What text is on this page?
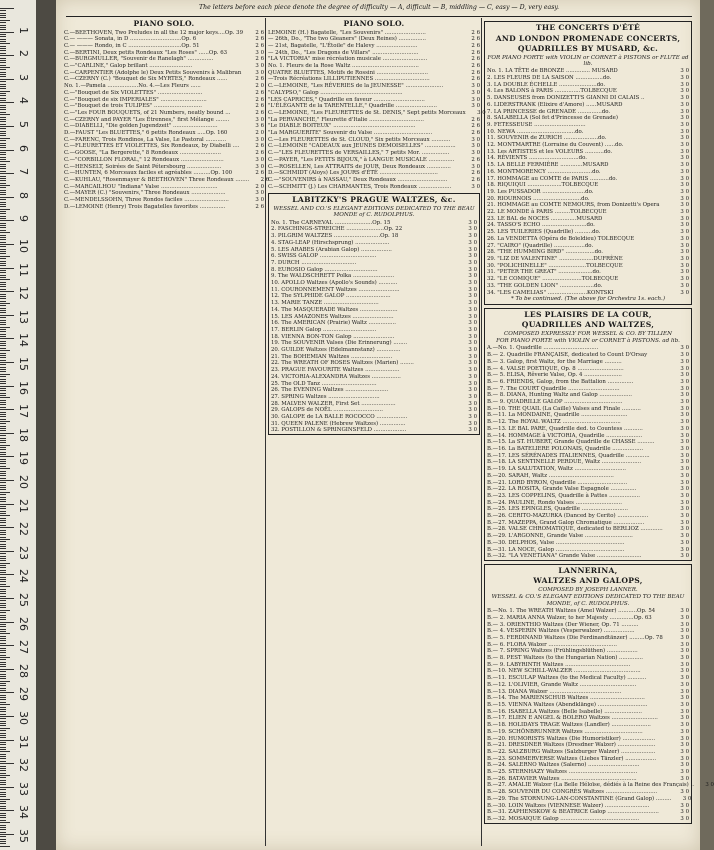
1
2
3
4
5
6
7
8
9
10
11
12
13
14
15
16
17
18
19
20
21
22
23
24
25
26
27
28
29
30
31
32
33
34
35
The letters before each piece denote the degree of difficulty — A, difficult — B, middling — C, easy — D, very easy.
PIANO SOLO.
C.—BEETHOVEN, Two Preludes in all the 12 major keys....Op. 39	2 6
C.— ——— Sonata, in D ..............................Op. 6	2 6
C.— ——— Rondo, in C ...............................Op. 51	2 6
C.—BERTINI, Deux petits Rondeaux "Les Roses" ......Op. 63	3 0
C.—BURGMULLER, "Souvenir de Ranelagh" ...............	2 6
C.—"CARLINE," Galop brillant .........................	3 0
C.—CARPENTIER (Adolphe le) Deux Petits Souvenirs à Malibran	3 0
C.—CZERNY (C.) "Bouquet de Six MYRTES," Rondeaux ......	2 6
No. 1.—Pamela ..................No. 4.—Les Fleurs ......	2 0
C.—"Bouquet de Six VIOLETTES" ..........................	2 6
C.—"Bouquet de six IMPERIALES" ...........................	2 6
C.—"Bouquet de trois TULIPES" ............................	2 6
C.—"Les FOUR BOUQUETS, of 21 Numbers, neatly bound ...	2 6
C.—CZERNY and PAYER "Les Étrennes," first Mélange ........	3 0
C.—DIABELLI, "Die golden Jugendzeit" ..........................	3 6
D.—FAUST "Les BLUETTES," 6 petits Rondeaux .....Op. 160	2 0
C.—FARENC, Trois Rondinos, La Valse, Le Pastoral ............	3 0
C.—FLEURETTES ET VIOLETTES, Six Rondeaux, by Diabelli ....	2 6
C.—GOOSE, "La Bergerette," 8 Rondeaux ........................	2 6
C.—"CORBILLON FLORAL," 12 Rondeaux .........................	3 0
C.—HENSELT, Soirées de Saint Pétersbourg ....................	3 0
C.—HUNTEN, 6 Morceaux faciles et agréables ..........Op. 100	2 6
C.—KUHLAU, "Rosenmayer & BEETHOVEN" Three Rondeaux ........	2 6
C.—MARCAILHOU "Indiana" Valse .................................	2 0
C.—MAYER (C.) "Souvenirs," Three Rondeaux ....................	3 0
C.—MENDELSSOHN, Three Rondos faciles ..........................	3 0
D.—LEMOINE (Henry) Trois Bagatelles favorites ...............	2 6
PIANO SOLO.
LEMOINE (H.) Bagatelle, "Les Souvenirs" ........................	2 6
— 26th, Do., "The two Gleaners" (Deux Reines) ................	2 6
— 21st, Bagatelle, "L'Étoile" de Halevy ........................	2 6
— 24th, Do., "Les Dragons de Villars" ...........................	2 6
"LA VICTORIA" mise récréation musicale ..........................	2 6
No. 1. Fleurs de la Rose Waltz .......................................	2 6
QUATRE BLUETTES, Motifs de Rossini ..............................	2 6
—Trois Récréations LILLIPUTIENNES ................................	2 6
C.—LEMOINE, "Les RÉVERIES de la JEUNESSE" ......................	3 0
"CALYPSO," Galop ................................................	3 0
"LES CAPRICES," Quadrille en faveur ..............................	3 0
"L'ÉLÉGANTE de la TARENTELLE," Quadrille ........................	3 0
C.—LEMOINE, "Les FLEURETTES de St. DENIS," Sept petits Morceaux	3 0
"La PERVANCHE," Fleurette d'Italie ................................	2 6
"Le DIABLE BOITEUX" ................................................	2 6
"La MARGUERITE" Souvenir du Valse ..................................	2 6
C.—Les FLEURETTES de St. CLOUD," Six petits Morceaux ...........	3 0
C.—LEMOINE "CADEAUX aux JEUNES DEMOISELLES" ..................	3 0
C.—"LES FLEURETTES de VERSAILLES," 7 petits Mor. ................	3 0
C.—PAYER, "Les PETITS BIJOUX," à LANGUE MUSICALE ...............	2 6
C.—ROSELLEN, Les ATTRAITS de JOUR, Deux Rondeaux ..............	3 0
D.—SCHMIDT (Aloys) Les JOURS d'ÉTÉ ..................................	2 6
C.—"SOUVENIRS à NASSAU," Deux Rondeaux .............................	2 6
C.—SCHMITT (J.) Les CHARMANTES, Trois Rondeaux ...................	3 0
LABITZKY'S PRAGUE WALTZES, &c.
WESSEL AND CO.'S ELEGANT EDITIONS DEDICATED TO THE BEAU MONDE of C. RUDOLPHUS.
No. 1. The CARNEVAL ......................Op. 15	3 0
2. FASCHINGS-STREICHE ......................Op. 22	3 0
3. PILGRIM WALTZES ...........................Op. 18	3 0
4. STAG-LEAP (Hirschsprung) ....................	3 0
5. LES ARABES (Arabian Galop) ..................	3 0
6. SWISS GALOP .................................	3 0
7. DURCH ................................	3 0
8. EUROSIO Galop ...............................	3 0
9. The WALDSCHRETT Polka ........................	3 0
10. APOLLO Waltzes (Apollo's Sounds) ...........	3 0
11. COURONNEMENT Waltzes ........................	3 0
12. The SYLPHIDE GALOP ..........................	3 0
13. MARIE TANZE ................................	3 0
14. The MASQUERADE Waltzes ......................	3 0
15. LES AMAZONES Waltzes ........................	3 0
16. The AMERICAN (Prairie) Waltz ................	3 0
17. BERLIN Galop ...............................	3 0
18. VIENNA BON-TON Galop ........................	3 0
19. The SOUVENIR Valses (Die Erinnerung) ........	3 0
20. GUILDE Waltzes (Edelmannstanz) ..............	3 0
21. The BOHEMIAN Waltzes ........................	3 0
22. The WREATH OF ROSES Waltzes (Marien) ........	3 0
23. PRAGUE FAVOURITE Waltzes ....................	3 0
24. VICTORIA-ALEXANDRA Waltzes .................	3 0
25. The OLD Tanz ................................	3 0
26. The EVENING Waltzes .........................	3 0
27. SPRING Waltzes ..............................	3 0
28. MALVEN WALZER, First Set ....................	3 0
29. GALOPS de NOËL .............................	3 0
30. GALOPE de LA BALLE ROCOCCO ..................	3 0
31. QUEEN PALENE (Hebrew Waltzes) ...............	3 0
32. POSTILLON & SPRINGINSFELD ...................	3 0
THE CONCERTS D'ÉTÉ
AND LONDON PROMENADE CONCERTS,
QUADRILLES BY MUSARD, &c.
FOR PIANO FORTE with VIOLIN or CORNET à PISTONS or FLUTE ad lib.
No. 1. LA TÊTE de BRONZE .............. MUSARD	3 0
2. LES FLEURS DE LA SAISON ................do.	3 0
3. LA DOUBLE ÉCHELLE ......................do.	3 0
4. Les BALONS à PARIS ...............TOLBECQUE	3 0
5. DANSEUSES from DONIZETTI'S GIANNI DI CALAIS ..	3 0
6. LIDERSTRANK (Elixire d'Amore) ......MUSARD	3 0
7. LA PRINCESSE de GRENADE ..............do.	3 0
8. SALABELLA (Sol fet d'Princesse de Grenade)	3 0
9. FETESSEUSE ..............................	3 0
10. NEWA ..................................do.	3 0
11. SOUVENIR de ZURICH ....................do.	3 0
12. MONTMARTRE (Lorraine du Couvent) ......do.	3 0
13. Les ARTISTES et les VOLEURS ...........do.	3 0
14. RÉVIENTS .............................do.	3 0
15. LA BELLE FERMIÈRE .............MUSARD	3 0
16. MONTMORENCY ..........................do.	3 0
17. HOMMAGE au COMTE de PARIS ...........do.	3 0
18. RIQUIQUI ....................TOLBECQUE	3 0
19. Les PUSSADOR .........................do.	3 0
20. RIOURNOIS ............................do.	3 0
21. HOMMAGE au COMTE NEMOURS, from Donizetti's Opera	3 0
22. LE MONDE à PARIS .........TOLBECQUE	3 0
23. LE BAL de NOCES ...............MUSARD	3 0
24. TASSO'S ECHO ..........................do.	3 0
25. LES TUILERIES (Quadrille) ..........do.	3 0
26. La VENDETTA (Opéra de Boïeldieu) TOLBECQUE	3 0
27. "CAIRO" (Quadrille) ..................do.	3 0
28. "THE HUMMING BIRD" .................do.	3 0
29. "LIZ DE VALENTINE" ....................DUFRÈNE	3 0
30. "POLICHINELLE" ......................TOLBECQUE	3 0
31. "PETER THE GREAT" ....................do.	3 0
32. "LE COMIQUE" .......................TOLBECQUE	3 0
33. "THE GOLDEN LION" ....................do.	3 0
34. "LES CAMELIAS" .......................KONTSKI	3 0
* To be continued. (The above for Orchestra 1s. each.)
LES PLAISIRS DE LA COUR,
QUADRILLES AND WALTZES,
COMPOSED EXPRESSLY FOR WESSEL & CO. BY TILLIEN
FOR PIANO FORTE with VIOLIN or CORNET à PISTONS. ad lib.
A.—No. 1. Quadrille ................................	3 0
B.— 2. Quadrille FRANÇAISE, dedicated to Count D'Orsay	3 0
B.— 3. Galop, first Waltz, for the Marriage ..........	3 0
B.— 4. VALSE POETIQUE, Op. 8 ...........................	3 0
B.— 5. ELISA, Rêverie Valse, Op. 4 ......................	3 0
B.— 6. FRIENDS, Galop, from the Battalion ...............	3 0
B.— 7. The COURT Quadrille ..............................	3 0
B.— 8. DIANA, Hunting Waltz and Galop ...................	3 0
B.— 9. QUADRILLE GALOP ..................................	3 0
B.—10. THE QUAIL (La Caille) Valses and Finale ...........	3 0
B.—11. La MONDAINE, Quadrille ...........................	3 0
B.—12. The ROYAL WALTZ ..................................	3 0
B.—13. LE BAL PARE, Quadrille ded. to Countess ...........	3 0
B.—14. HOMMAGE à VICTORIA, Quadrille .....................	3 0
B.—15. La ST. HUBERT, Grande Quadrille de CHASSE ..........	3 0
B.—16. La BATELIERE POLONAIS, Quadrille ..................	3 0
B.—17. LES SÉRÉNADES ITALIENNES, Quadrille ..............	3 0
B.—18. LA SENTINELLE PERDUE, Waltz .......................	3 0
B.—19. LA SALUTATION, Waltz ..............................	3 0
B.—20. SARAH, Waltz ......................................	3 0
B.—21. LORD BYRON, Quadrille .............................	3 0
B.—22. LA ROSITA, Grande Valse Espagnole ...............	3 0
B.—23. LES COPPELINS, Quadrille à Pattes ..................	3 0
B.—24. PAULINE, Rondo Valses ...........................	3 0
B.—25. LES EPINGLES, Quadrille ...........................	3 0
B.—26. CERITO-MAZURKA (Danced by Cerito) ..................	3 0
B.—27. MAZEPPA, Grand Galop Chromatique ..................	3 0
B.—28. VALSE CHROMATIQUE, dedicated to BERLIOZ .............	3 0
B.—29. L'ARGONNE, Grande Valse ............................	3 0
B.—30. DELPHOS, Valse ........................................	3 0
B.—31. LA NOCE, Galop ........................................	3 0
B.—32. "LA VENETIANA" Grande Valse ..........................	3 0
LANNERINA,
WALTZES AND GALOPS,
COMPOSED BY JOSEPH LANNER.
WESSEL & CO.'S ELEGANT EDITIONS DEDICATED TO THE BEAU MONDE, of C. RUDOLPHUS.
B.—No. 1. The WREATH Waltzes (Amel Walzer) ...........Op. 54	3 0
B.— 2. MARIA ANNA Walzer, to her Majesty ..............Op. 63	3 0
B.— 3. ORIENTHIO Waltzes (Der Wiener, Op. 71 ..........	3 0
B.— 4. VESPERIN Waltzes (Vesperwalzer) ..................	3 0
B.— 5. FERDINAND Waltzes (Die Ferdinandtänzer) .........Op. 78	3 0
B.— 6. FLORA Walzer ........................................	3 0
B.— 7. SPRING Waltzes (Frühlingsblüthen) ..................	3 0
B.— 8. PEST Waltzes (to the Hungarian Nation) ..............	3 0
B.— 9. LABYRINTH Waltzes ......................................	3 0
B.—10. NEW SCHILL-WALZER .......................................	3 0
B.—11. ESCULAP Waltzes (to the Medical Faculty) ...........	3 0
B.—12. L'OLIVIER, Grande Waltz .................................	3 0
B.—13. DIANA Walzer ..........................................	3 0
B.—14. The MARIENSCHUB Waltzes ................................	3 0
B.—15. VIENNA Waltzes (Abendklänge) .............................	3 0
B.—16. ISABELLA Waltzes (Belle Isabelle) ......................	3 0
B.—17. ELIEN E ANGEL & BOLERO Waltzes ...........................	3 0
B.—18. HOLIDAYS TRAGE Waltzes (Landler) .......................	3 0
B.—19. SCHÖNBRUNNER Waltzes ..................................	3 0
B.—20. HUMORISTS Waltzes (Die Humoristiker) ...................	3 0
B.—21. DRESDNER Waltzes (Dresdner Walzer) ......................	3 0
B.—22. SALZBURG Waltzes (Salzburger Walzer) ....................	3 0
B.—23. SOMMERVERSE Waltzes (Liebes Tänzler) ..................	3 0
B.—24. SALERNO Waltzes (Salerno) ..............................	3 0
B.—25. STERNHAZY Waltzes ........................................	3 0
B.—26. BATAVIER Waltzes ............................................	3 0
B.—27. AMALIE Walzer (La Belle Héloïse, dédiés à la Reine des Français) ..	3 0
B.—28. SOUVENIR DU CONGRÈS Waltzes ..............................	3 0
B.—29. The STORNUNG-LAN-CONSTANTINE (Grand Galop) .........	3 0
B.—30. LOIN Waltzes (VIENNESE Walzer) ..........................	3 0
B.—31. ZAPHENSKOW & BEATRICE Galop ..............................	3 0
B.—32. MOSAIQUE Galop ..............................................	3 0
